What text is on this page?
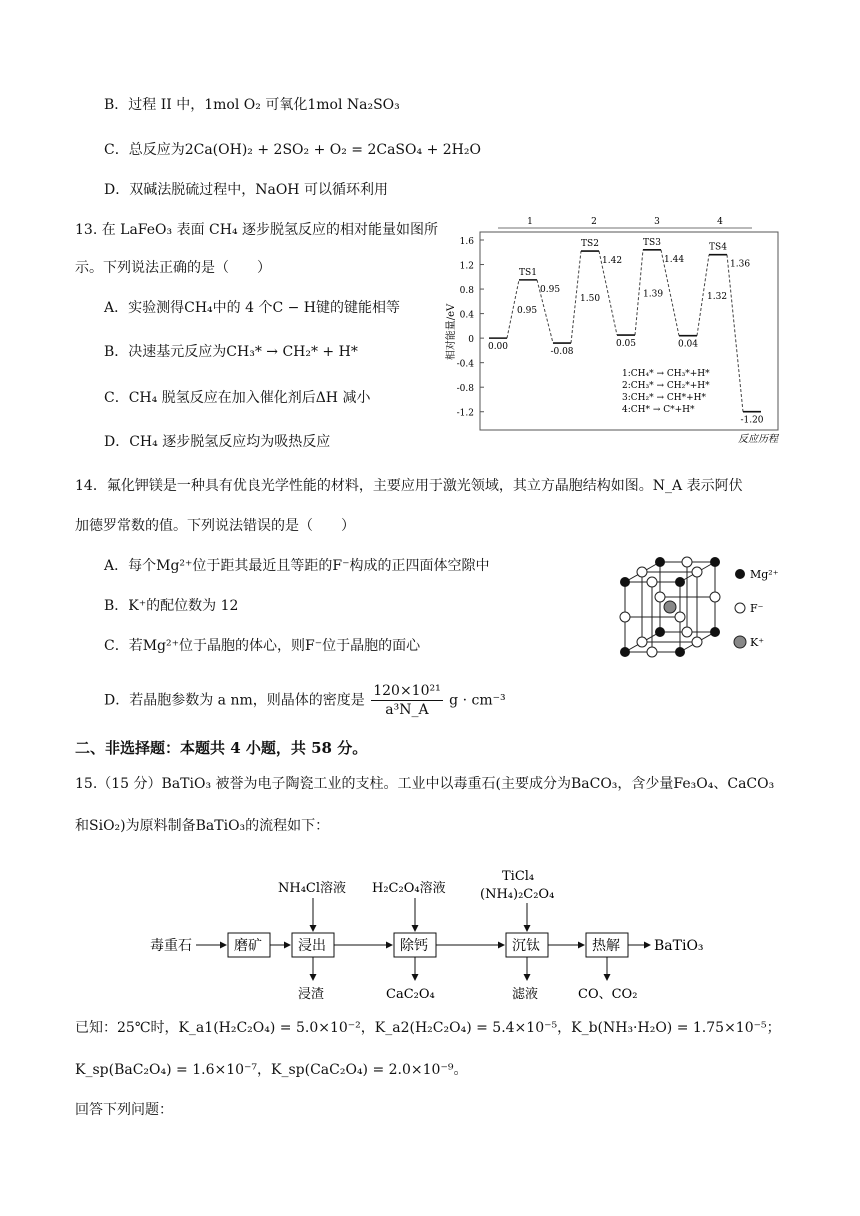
B．过程 II 中，1mol O₂ 可氧化1mol Na₂SO₃
C．总反应为2Ca(OH)₂ + 2SO₂ + O₂ = 2CaSO₄ + 2H₂O
D．双碱法脱硫过程中，NaOH 可以循环利用
13. 在 LaFeO₃ 表面 CH₄ 逐步脱氢反应的相对能量如图所
示。下列说法正确的是（　　）
A．实验测得CH₄中的 4 个C − H键的键能相等
B．决速基元反应为CH₃* → CH₂* + H*
C．CH₄ 脱氢反应在加入催化剂后ΔH 减小
D．CH₄ 逐步脱氢反应均为吸热反应
1.6
1.2
0.8
0.4
0
-0.4
-0.8
-1.2
相对能量/eV
反应历程
0.00
TS1
-0.08
TS2
0.05
TS3
0.04
TS4
-1.20
0.95
0.95
1.42
1.50
1.44
1.39
1.36
1.32
1	2	3	4
1:CH₄* → CH₃*+H*
2:CH₃* → CH₂*+H*
3:CH₂* → CH*+H*
4:CH* → C*+H*
14．氟化钾镁是一种具有优良光学性能的材料，主要应用于激光领域，其立方晶胞结构如图。N_A 表示阿伏
加德罗常数的值。下列说法错误的是（　　）
A．每个Mg²⁺位于距其最近且等距的F⁻构成的正四面体空隙中
B．K⁺的配位数为 12
C．若Mg²⁺位于晶胞的体心，则F⁻位于晶胞的面心
D．若晶胞参数为 a nm，则晶体的密度是 $\frac{\text{120×10²¹}}{\text{a³N\_A}}$ g · cm⁻³
Mg²⁺
F⁻
K⁺
二、非选择题：本题共 4 小题，共 58 分。
15.（15 分）BaTiO₃ 被誉为电子陶瓷工业的支柱。工业中以毒重石(主要成分为BaCO₃，含少量Fe₃O₄、CaCO₃
和SiO₂)为原料制备BaTiO₃的流程如下：
毒重石	磨矿	浸出	除钙	沉钛	热解 BaTiO₃
NH₄Cl溶液 H₂C₂O₄溶液
TiCl₄
(NH₄)₂C₂O₄
浸渣	CaC₂O₄	滤液	CO、CO₂
已知：25℃时，K_a1(H₂C₂O₄) = 5.0×10⁻²，K_a2(H₂C₂O₄) = 5.4×10⁻⁵，K_b(NH₃·H₂O) = 1.75×10⁻⁵；
K_sp(BaC₂O₄) = 1.6×10⁻⁷，K_sp(CaC₂O₄) = 2.0×10⁻⁹。
回答下列问题：
